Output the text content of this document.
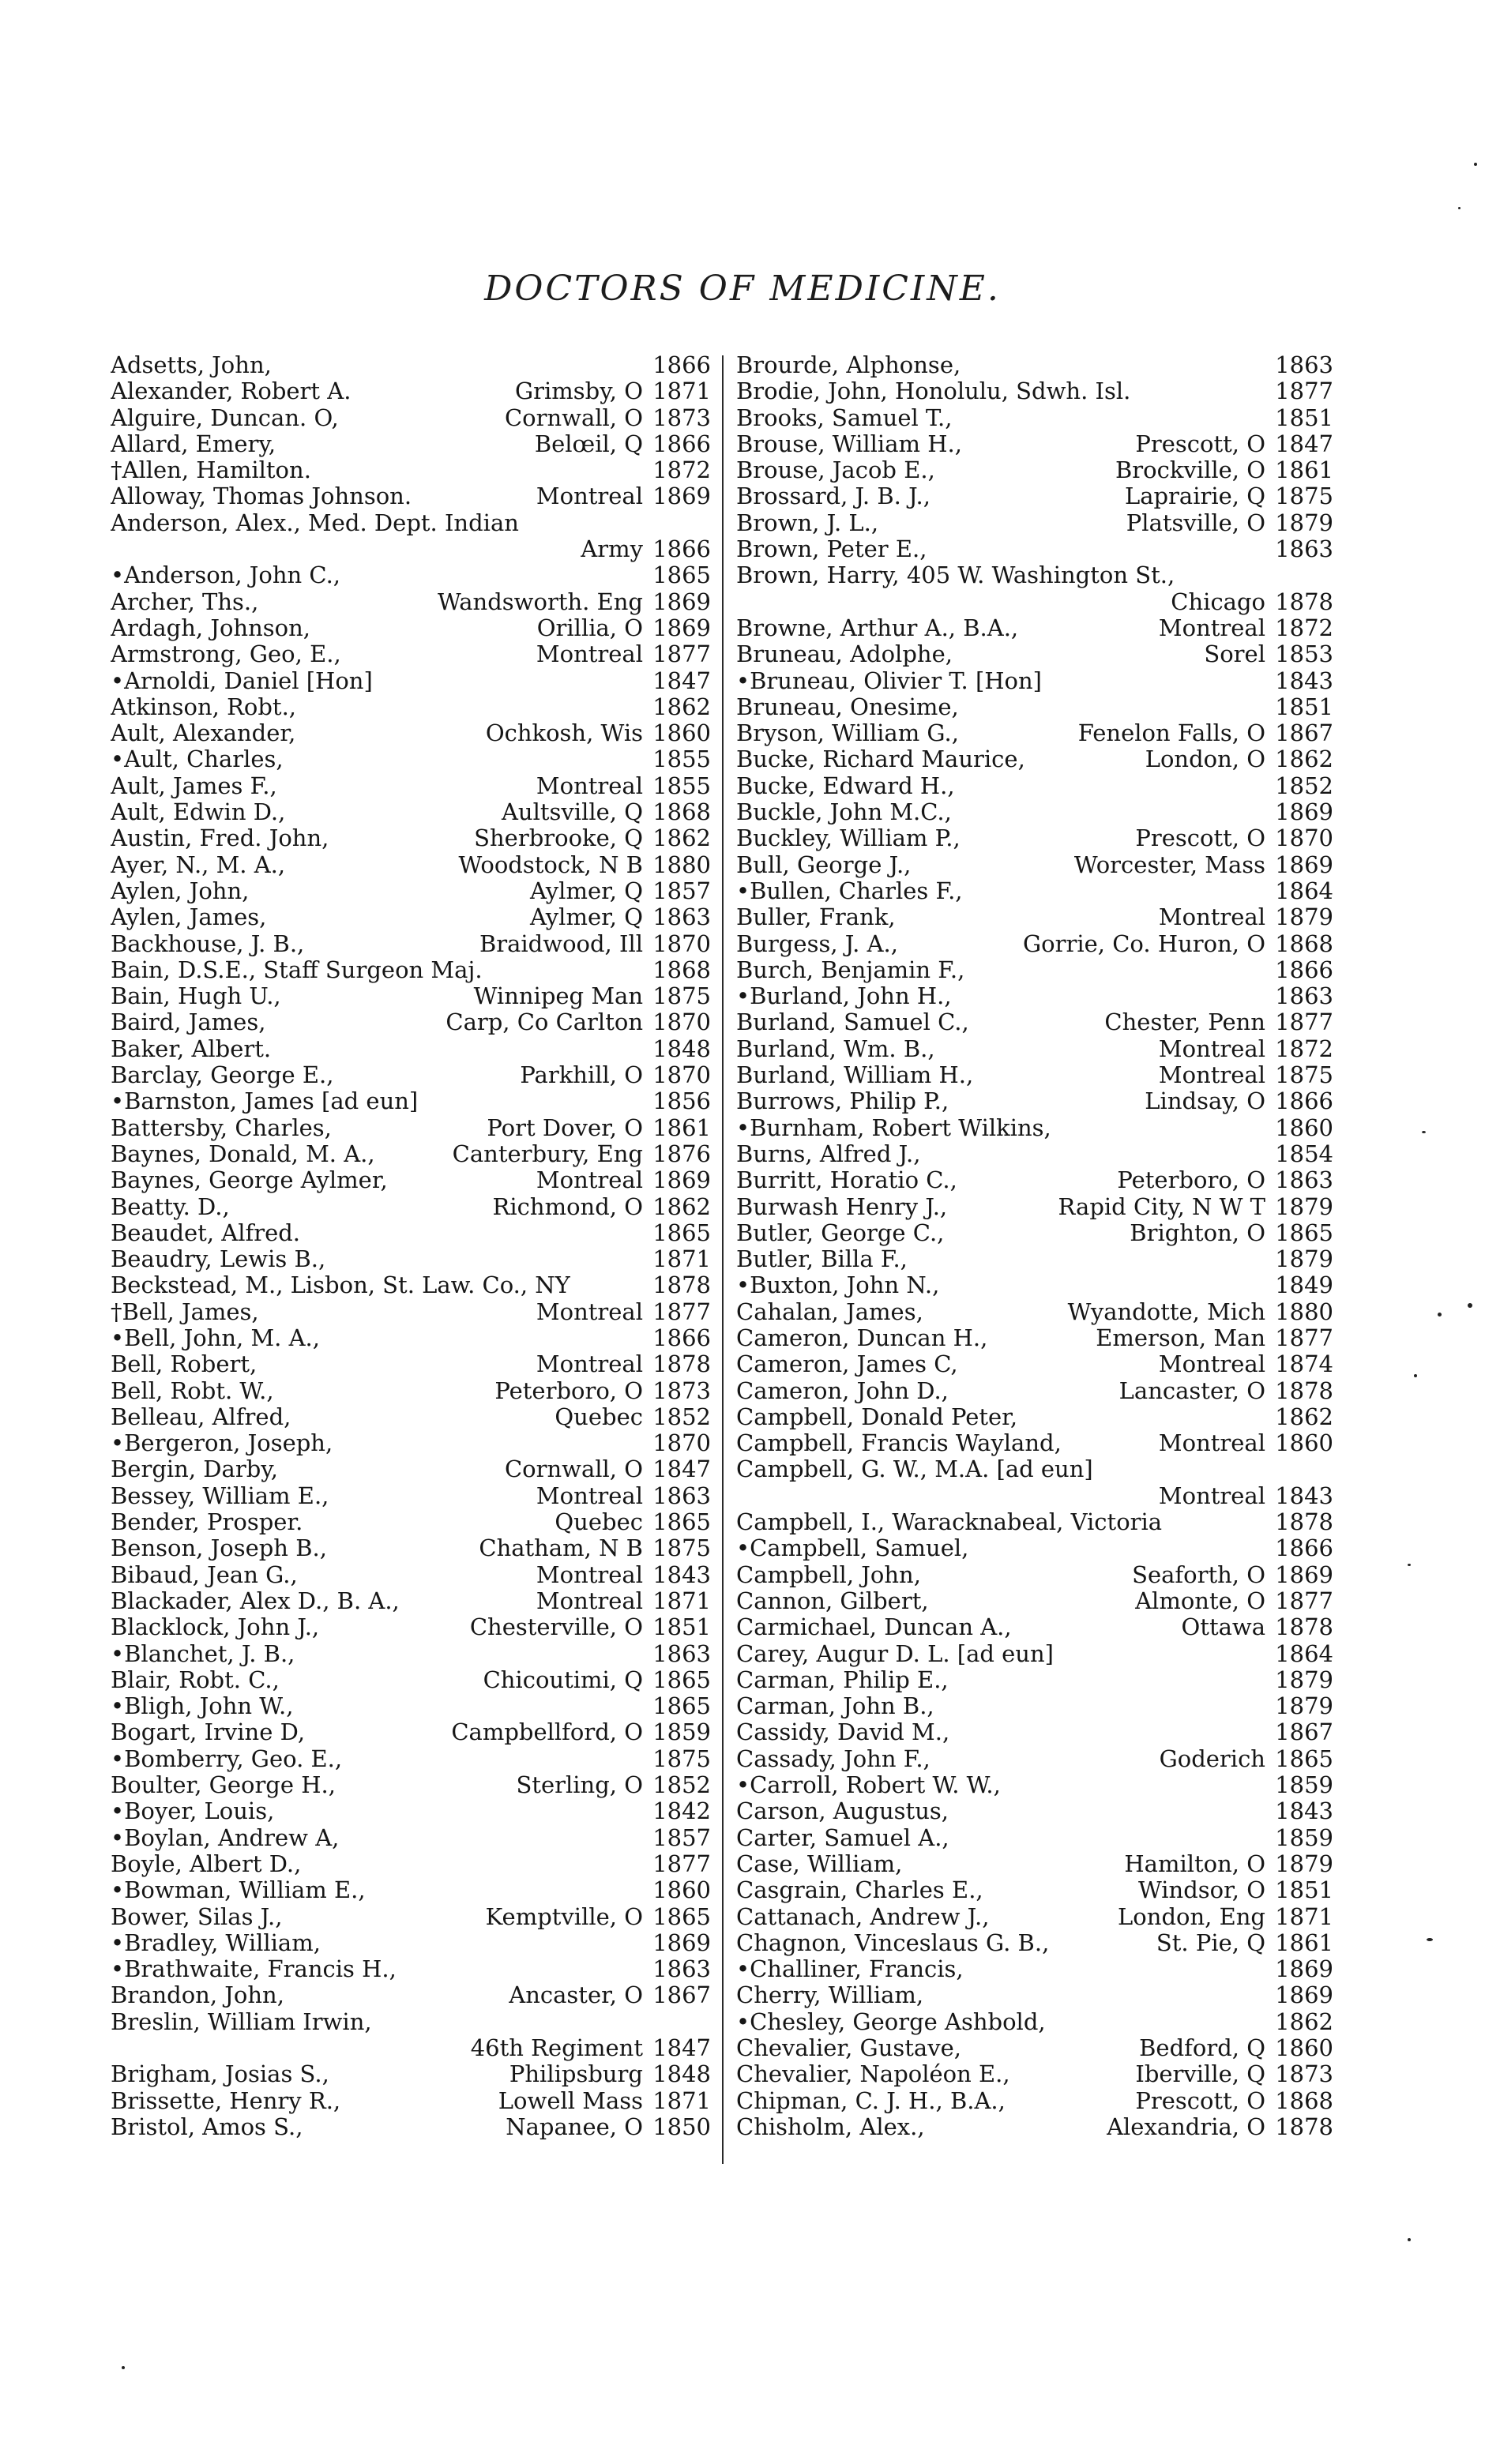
DOCTORS OF MEDICINE.
Adsetts, John,	1866
Alexander, Robert A.	Grimsby, O 1871
Alguire, Duncan. O,	Cornwall, O 1873
Allard, Emery,	Belœil, Q 1866
†Allen, Hamilton.	1872
Alloway, Thomas Johnson.	Montreal 1869
Anderson, Alex., Med. Dept. Indian
Army 1866
•Anderson, John C.,	1865
Archer, Ths.,	Wandsworth. Eng 1869
Ardagh, Johnson,	Orillia, O 1869
Armstrong, Geo, E.,	Montreal 1877
•Arnoldi, Daniel [Hon]	1847
Atkinson, Robt.,	1862
Ault, Alexander,	Ochkosh, Wis 1860
•Ault, Charles,	1855
Ault, James F.,	Montreal 1855
Ault, Edwin D.,	Aultsville, Q 1868
Austin, Fred. John,	Sherbrooke, Q 1862
Ayer, N., M. A.,	Woodstock, N B 1880
Aylen, John,	Aylmer, Q 1857
Aylen, James,	Aylmer, Q 1863
Backhouse, J. B.,	Braidwood, Ill 1870
Bain, D.S.E., Staff Surgeon Maj.	1868
Bain, Hugh U.,	Winnipeg Man 1875
Baird, James,	Carp, Co Carlton 1870
Baker, Albert.	1848
Barclay, George E.,	Parkhill, O 1870
•Barnston, James [ad eun]	1856
Battersby, Charles,	Port Dover, O 1861
Baynes, Donald, M. A.,	Canterbury, Eng 1876
Baynes, George Aylmer,	Montreal 1869
Beatty. D.,	Richmond, O 1862
Beaudet, Alfred.	1865
Beaudry, Lewis B.,	1871
Beckstead, M., Lisbon, St. Law. Co., NY	1878
†Bell, James,	Montreal 1877
•Bell, John, M. A.,	1866
Bell, Robert,	Montreal 1878
Bell, Robt. W.,	Peterboro, O 1873
Belleau, Alfred,	Quebec 1852
•Bergeron, Joseph,	1870
Bergin, Darby,	Cornwall, O 1847
Bessey, William E.,	Montreal 1863
Bender, Prosper.	Quebec 1865
Benson, Joseph B.,	Chatham, N B 1875
Bibaud, Jean G.,	Montreal 1843
Blackader, Alex D., B. A.,	Montreal 1871
Blacklock, John J.,	Chesterville, O 1851
•Blanchet, J. B.,	1863
Blair, Robt. C.,	Chicoutimi, Q 1865
•Bligh, John W.,	1865
Bogart, Irvine D,	Campbellford, O 1859
•Bomberry, Geo. E.,	1875
Boulter, George H.,	Sterling, O 1852
•Boyer, Louis,	1842
•Boylan, Andrew A,	1857
Boyle, Albert D.,	1877
•Bowman, William E.,	1860
Bower, Silas J.,	Kemptville, O 1865
•Bradley, William,	1869
•Brathwaite, Francis H.,	1863
Brandon, John,	Ancaster, O 1867
Breslin, William Irwin,
46th Regiment 1847
Brigham, Josias S.,	Philipsburg 1848
Brissette, Henry R.,	Lowell Mass 1871
Bristol, Amos S.,	Napanee, O 1850
Brourde, Alphonse,	1863
Brodie, John, Honolulu, Sdwh. Isl.	1877
Brooks, Samuel T.,	1851
Brouse, William H.,	Prescott, O 1847
Brouse, Jacob E.,	Brockville, O 1861
Brossard, J. B. J.,	Laprairie, Q 1875
Brown, J. L.,	Platsville, O 1879
Brown, Peter E.,	1863
Brown, Harry, 405 W. Washington St.,
Chicago 1878
Browne, Arthur A., B.A.,	Montreal 1872
Bruneau, Adolphe,	Sorel 1853
•Bruneau, Olivier T. [Hon]	1843
Bruneau, Onesime,	1851
Bryson, William G.,	Fenelon Falls, O 1867
Bucke, Richard Maurice,	London, O 1862
Bucke, Edward H.,	1852
Buckle, John M.C.,	1869
Buckley, William P.,	Prescott, O 1870
Bull, George J.,	Worcester, Mass 1869
•Bullen, Charles F.,	1864
Buller, Frank,	Montreal 1879
Burgess, J. A.,	Gorrie, Co. Huron, O 1868
Burch, Benjamin F.,	1866
•Burland, John H.,	1863
Burland, Samuel C.,	Chester, Penn 1877
Burland, Wm. B.,	Montreal 1872
Burland, William H.,	Montreal 1875
Burrows, Philip P.,	Lindsay, O 1866
•Burnham, Robert Wilkins,	1860
Burns, Alfred J.,	1854
Burritt, Horatio C.,	Peterboro, O 1863
Burwash Henry J.,	Rapid City, N W T 1879
Butler, George C.,	Brighton, O 1865
Butler, Billa F.,	1879
•Buxton, John N.,	1849
Cahalan, James,	Wyandotte, Mich 1880
Cameron, Duncan H.,	Emerson, Man 1877
Cameron, James C,	Montreal 1874
Cameron, John D.,	Lancaster, O 1878
Campbell, Donald Peter,	1862
Campbell, Francis Wayland,	Montreal 1860
Campbell, G. W., M.A. [ad eun]
Montreal 1843
Campbell, I., Waracknabeal, Victoria	1878
•Campbell, Samuel,	1866
Campbell, John,	Seaforth, O 1869
Cannon, Gilbert,	Almonte, O 1877
Carmichael, Duncan A.,	Ottawa 1878
Carey, Augur D. L. [ad eun]	1864
Carman, Philip E.,	1879
Carman, John B.,	1879
Cassidy, David M.,	1867
Cassady, John F.,	Goderich 1865
•Carroll, Robert W. W.,	1859
Carson, Augustus,	1843
Carter, Samuel A.,	1859
Case, William,	Hamilton, O 1879
Casgrain, Charles E.,	Windsor, O 1851
Cattanach, Andrew J.,	London, Eng 1871
Chagnon, Vinceslaus G. B.,	St. Pie, Q 1861
•Challiner, Francis,	1869
Cherry, William,	1869
•Chesley, George Ashbold,	1862
Chevalier, Gustave,	Bedford, Q 1860
Chevalier, Napoléon E.,	Iberville, Q 1873
Chipman, C. J. H., B.A.,	Prescott, O 1868
Chisholm, Alex.,	Alexandria, O 1878
